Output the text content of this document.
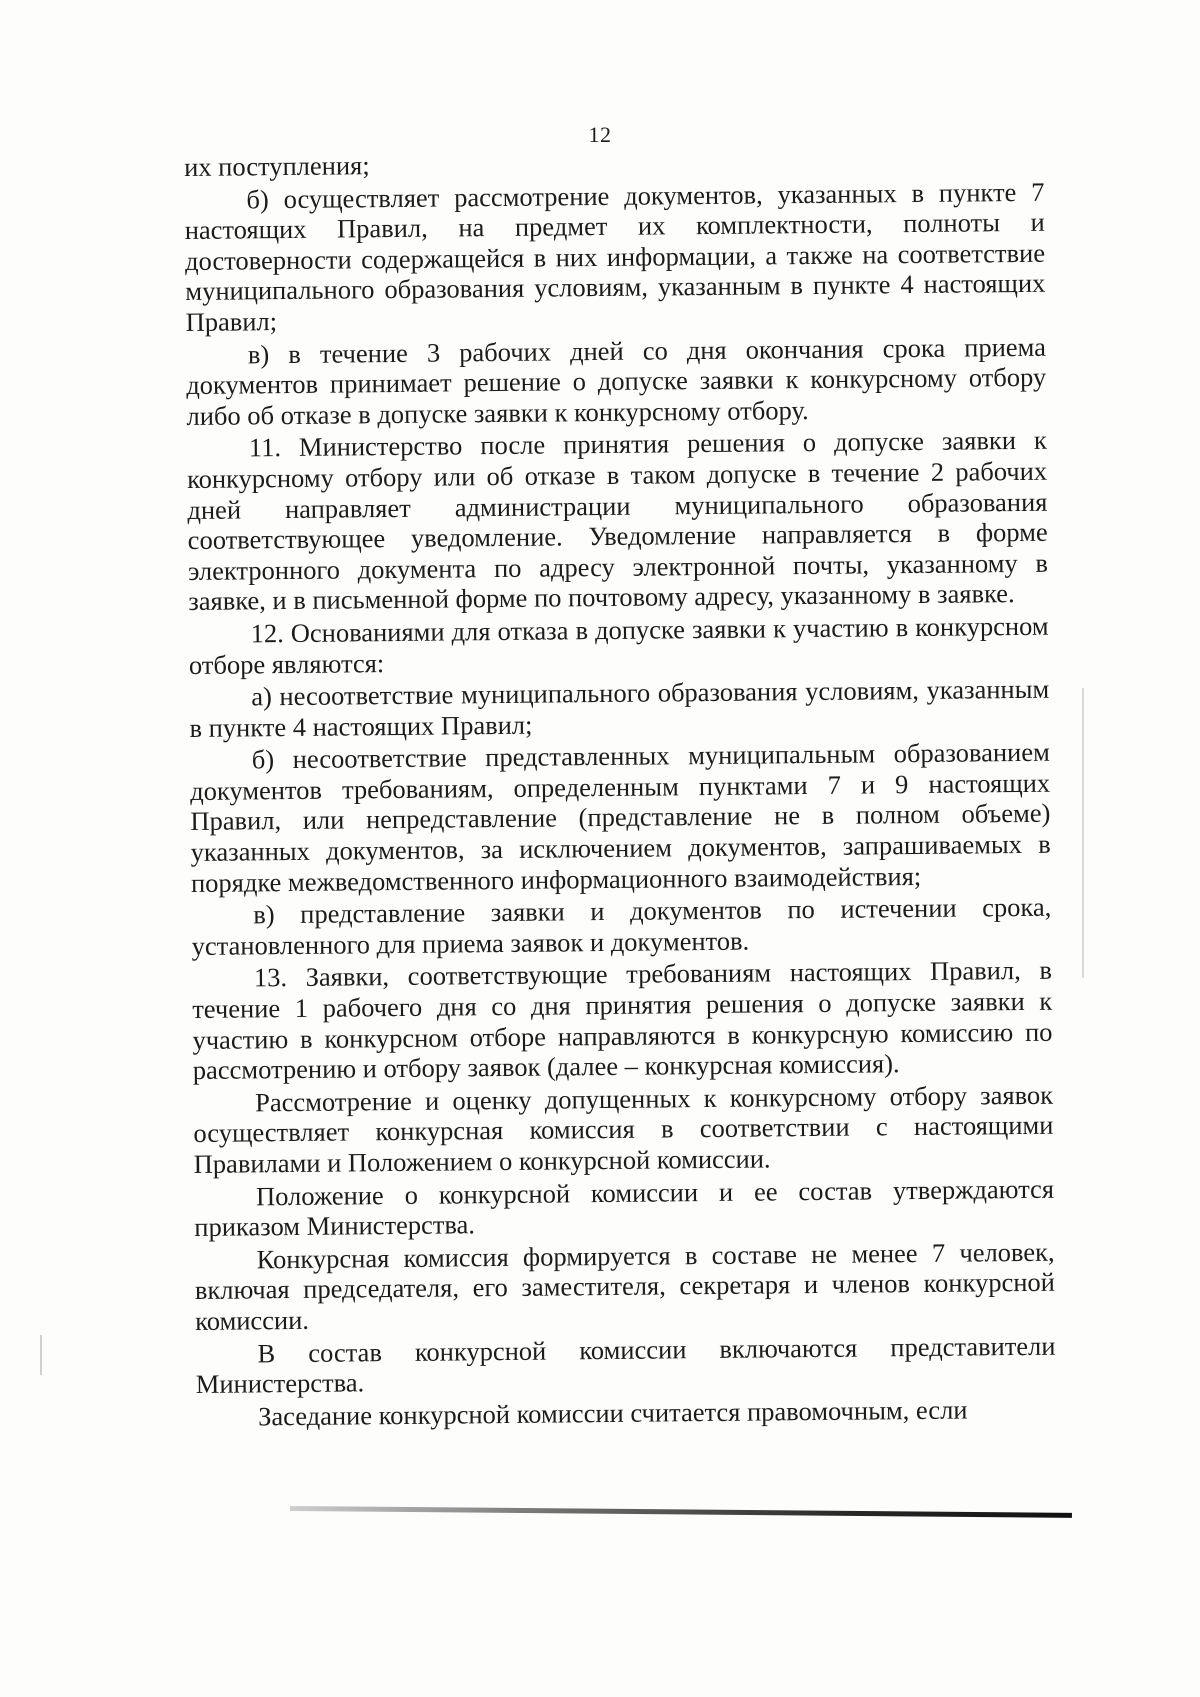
12

их поступления;

б) осуществляет рассмотрение документов, указанных в пункте 7 настоящих Правил, на предмет их комплектности, полноты и достоверности содержащейся в них информации, а также на соответствие муниципального образования условиям, указанным в пункте 4 настоящих Правил;

в) в течение 3 рабочих дней со дня окончания срока приема документов принимает решение о допуске заявки к конкурсному отбору либо об отказе в допуске заявки к конкурсному отбору.

11. Министерство после принятия решения о допуске заявки к конкурсному отбору или об отказе в таком допуске в течение 2 рабочих дней направляет администрации муниципального образования соответствующее уведомление. Уведомление направляется в форме электронного документа по адресу электронной почты, указанному в заявке, и в письменной форме по почтовому адресу, указанному в заявке.

12. Основаниями для отказа в допуске заявки к участию в конкурсном отборе являются:

а) несоответствие муниципального образования условиям, указанным в пункте 4 настоящих Правил;

б) несоответствие представленных муниципальным образованием документов требованиям, определенным пунктами 7 и 9 настоящих Правил, или непредставление (представление не в полном объеме) указанных документов, за исключением документов, запрашиваемых в порядке межведомственного информационного взаимодействия;

в) представление заявки и документов по истечении срока, установленного для приема заявок и документов.

13. Заявки, соответствующие требованиям настоящих Правил, в течение 1 рабочего дня со дня принятия решения о допуске заявки к участию в конкурсном отборе направляются в конкурсную комиссию по рассмотрению и отбору заявок (далее – конкурсная комиссия).

Рассмотрение и оценку допущенных к конкурсному отбору заявок осуществляет конкурсная комиссия в соответствии с настоящими Правилами и Положением о конкурсной комиссии.

Положение о конкурсной комиссии и ее состав утверждаются приказом Министерства.

Конкурсная комиссия формируется в составе не менее 7 человек, включая председателя, его заместителя, секретаря и членов конкурсной комиссии.

В состав конкурсной комиссии включаются представители Министерства.

Заседание конкурсной комиссии считается правомочным, если
